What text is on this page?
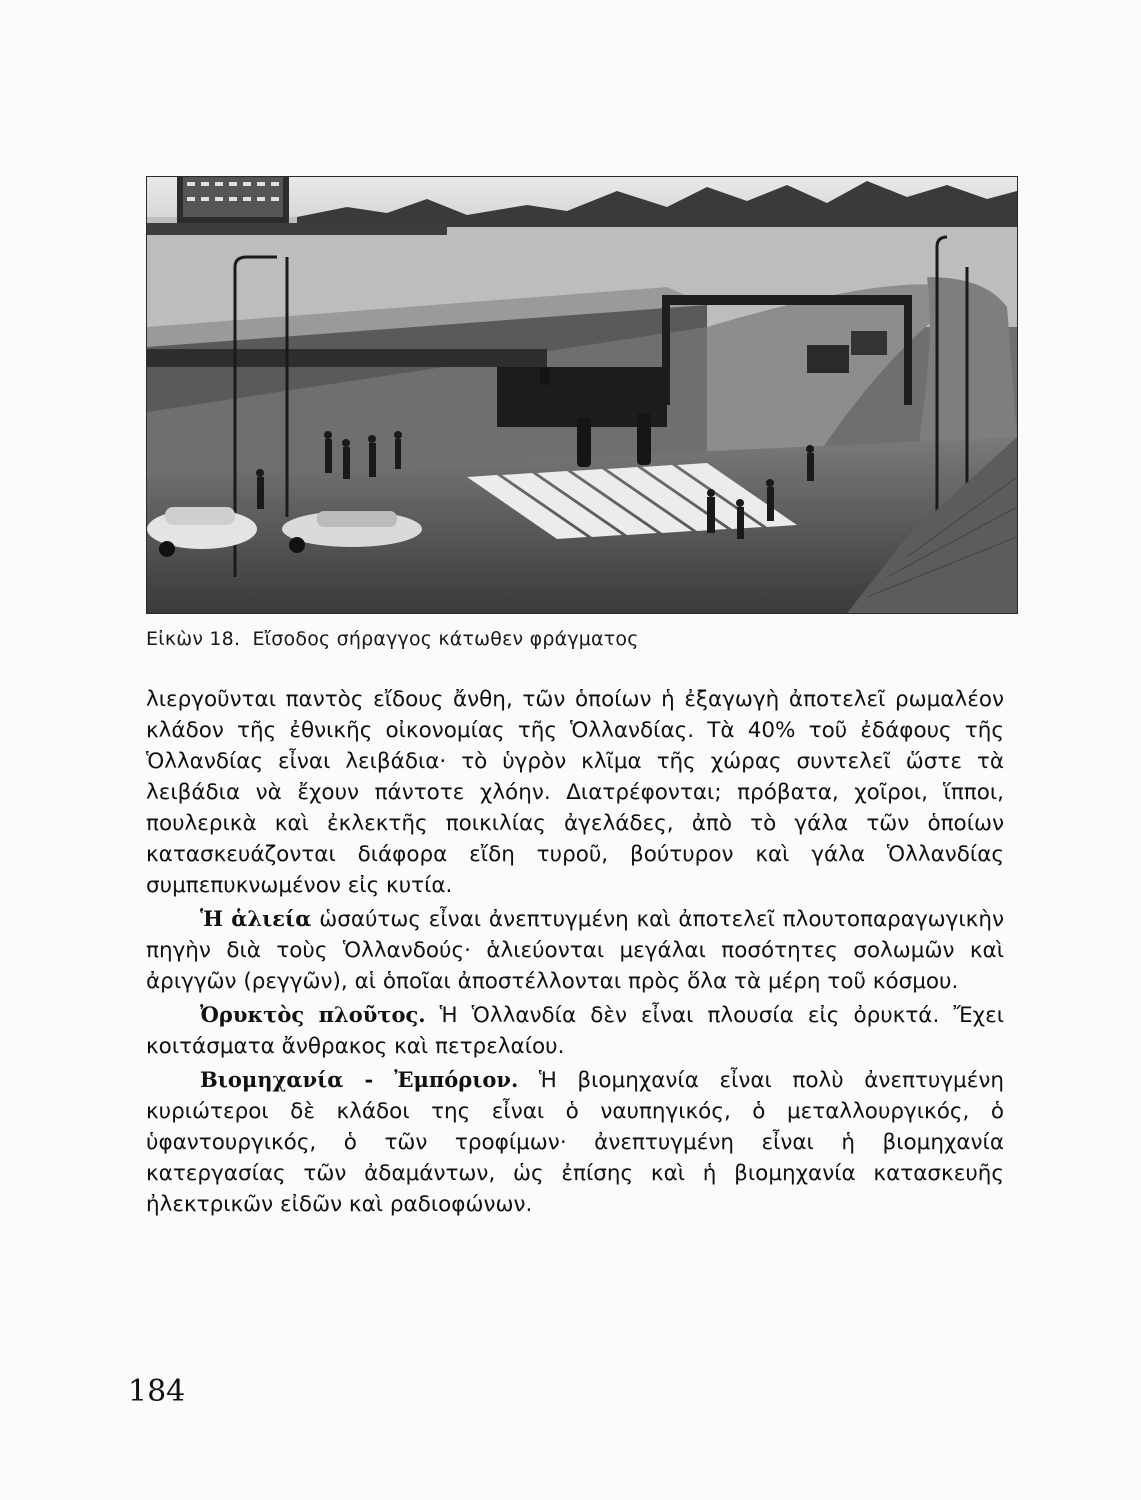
Εἰκὼν 18. Εἴσοδος σήραγγος κάτωθεν φράγματος

λιεργοῦνται παντὸς εἴδους ἄνθη, τῶν ὁποίων ἡ ἐξαγωγὴ ἀποτελεῖ ρωμαλέον κλάδον τῆς ἐθνικῆς οἰκονομίας τῆς Ὁλλανδίας. Τὰ 40% τοῦ ἐδάφους τῆς Ὁλλανδίας εἶναι λειβάδια· τὸ ὑγρὸν κλῖμα τῆς χώρας συντελεῖ ὥστε τὰ λειβάδια νὰ ἔχουν πάντοτε χλόην. Διατρέφονται; πρόβατα, χοῖροι, ἵπποι, πουλερικὰ καὶ ἐκλεκτῆς ποικιλίας ἀγελάδες, ἀπὸ τὸ γάλα τῶν ὁποίων κατασκευάζονται διάφορα εἴδη τυροῦ, βούτυρον καὶ γάλα Ὁλλανδίας συμπεπυκνωμένον εἰς κυτία.

Ἡ ἁλιεία ὡσαύτως εἶναι ἀνεπτυγμένη καὶ ἀποτελεῖ πλουτοπαραγωγικὴν πηγὴν διὰ τοὺς Ὁλλανδούς· ἁλιεύονται μεγάλαι ποσότητες σολωμῶν καὶ ἀριγγῶν (ρεγγῶν), αἱ ὁποῖαι ἀποστέλλονται πρὸς ὅλα τὰ μέρη τοῦ κόσμου.

Ὀρυκτὸς πλοῦτος. Ἡ Ὁλλανδία δὲν εἶναι πλουσία εἰς ὀρυκτά. Ἔχει κοιτάσματα ἄνθρακος καὶ πετρελαίου.

Βιομηχανία - Ἐμπόριον. Ἡ βιομηχανία εἶναι πολὺ ἀνεπτυγμένη κυριώτεροι δὲ κλάδοι της εἶναι ὁ ναυπηγικός, ὁ μεταλλουργικός, ὁ ὑφαντουργικός, ὁ τῶν τροφίμων· ἀνεπτυγμένη εἶναι ἡ βιομηχανία κατεργασίας τῶν ἀδαμάντων, ὡς ἐπίσης καὶ ἡ βιομηχανία κατασκευῆς ἠλεκτρικῶν εἰδῶν καὶ ραδιοφώνων.

184
